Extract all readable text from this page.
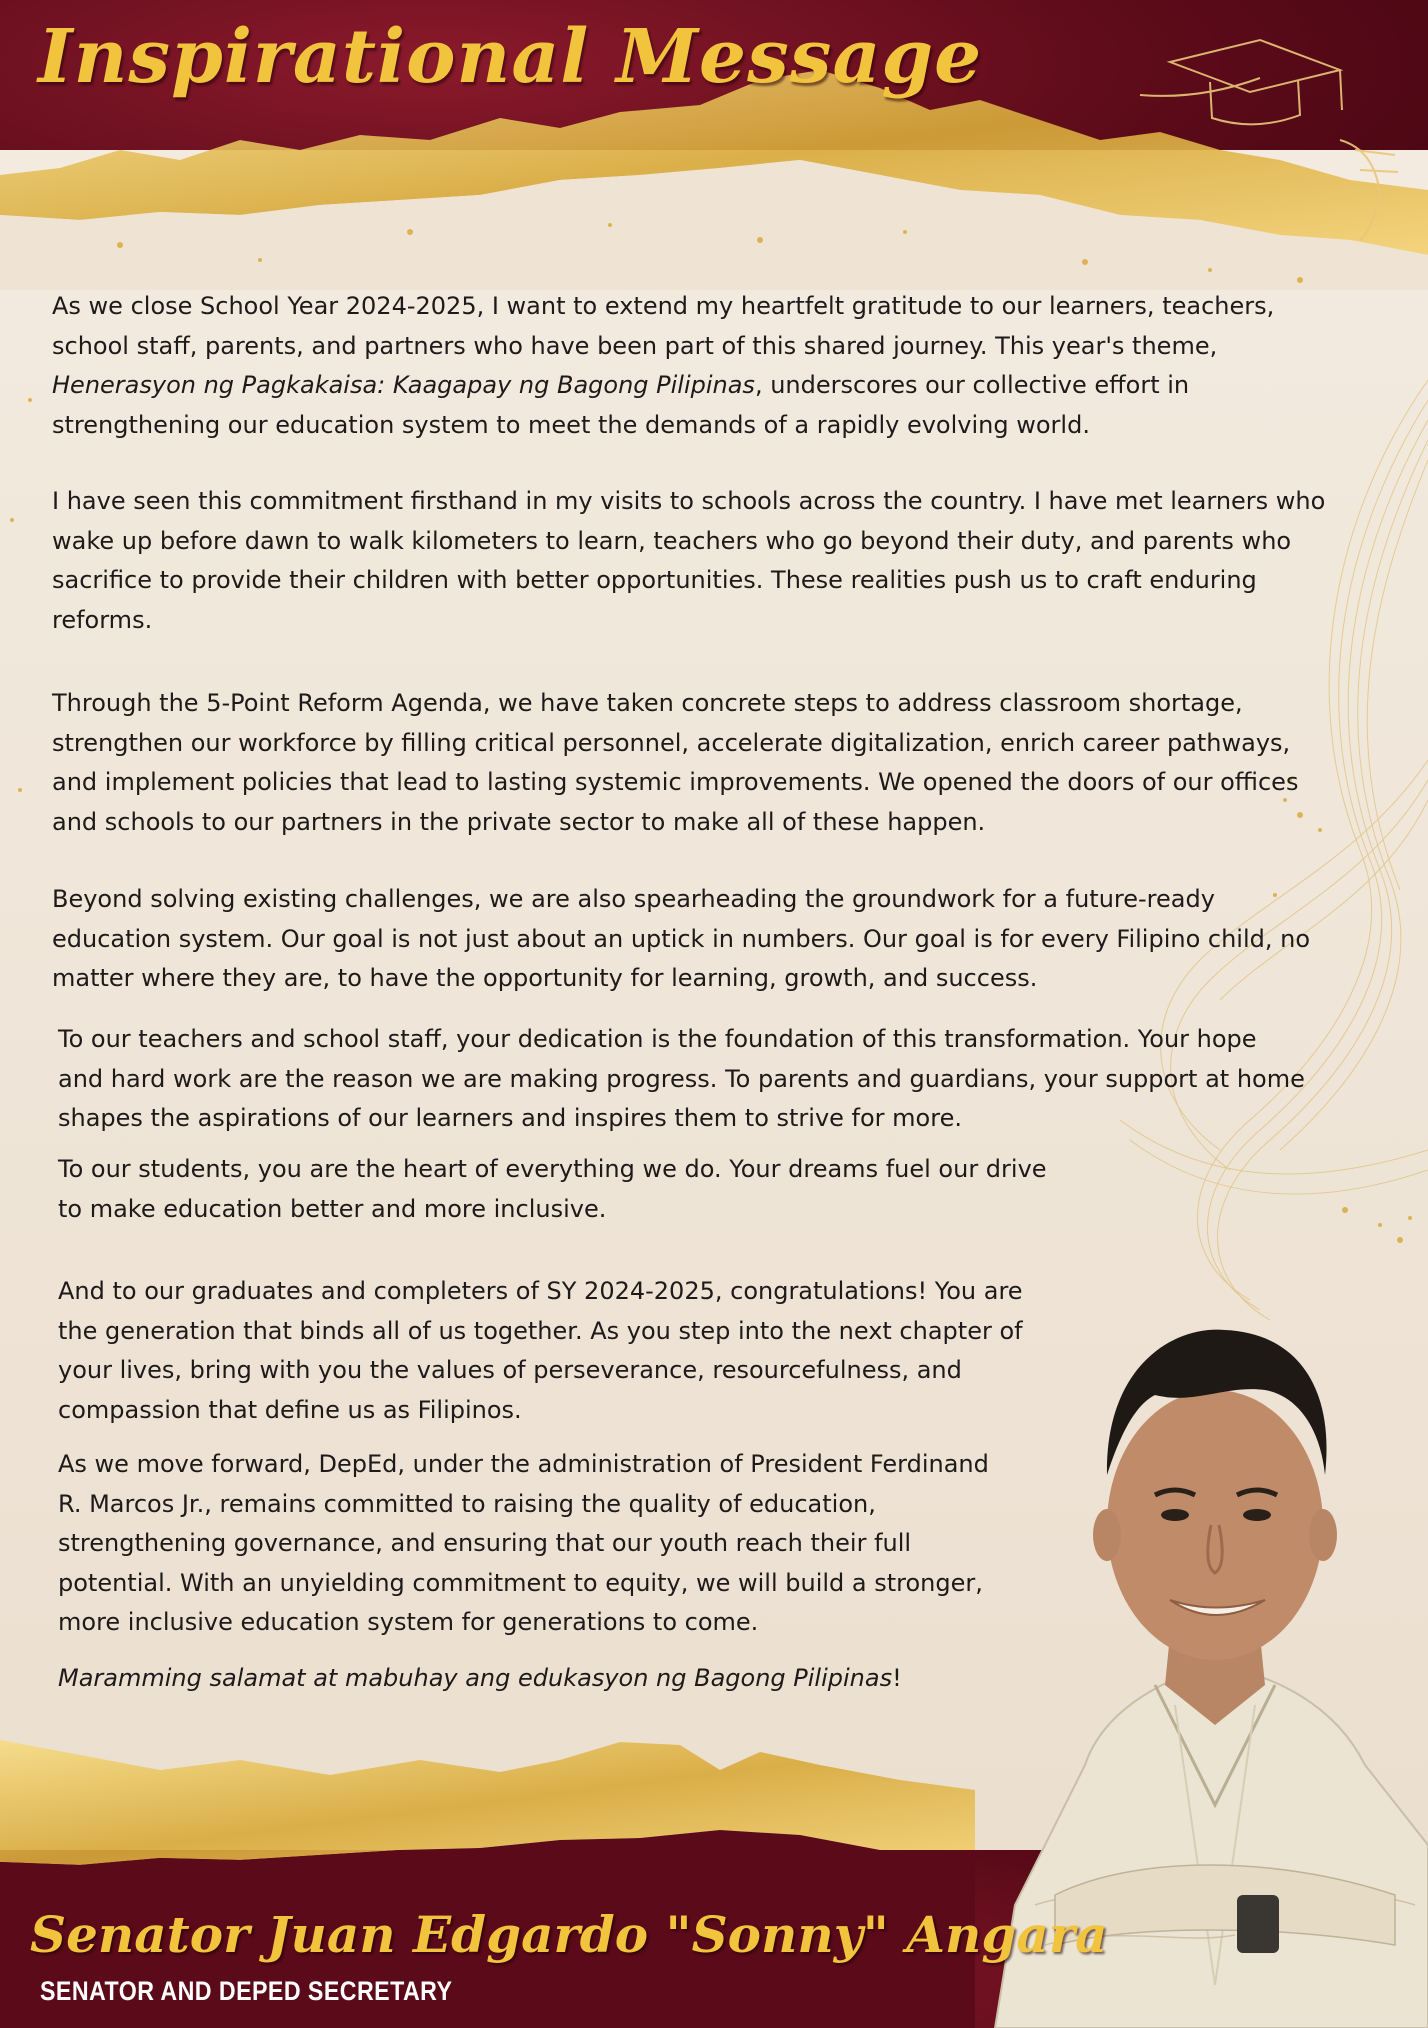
Inspirational Message

As we close School Year 2024-2025, I want to extend my heartfelt gratitude to our learners, teachers, school staff, parents, and partners who have been part of this shared journey. This year's theme, Henerasyon ng Pagkakaisa: Kaagapay ng Bagong Pilipinas, underscores our collective effort in strengthening our education system to meet the demands of a rapidly evolving world.

I have seen this commitment firsthand in my visits to schools across the country. I have met learners who wake up before dawn to walk kilometers to learn, teachers who go beyond their duty, and parents who sacrifice to provide their children with better opportunities. These realities push us to craft enduring reforms.

Through the 5-Point Reform Agenda, we have taken concrete steps to address classroom shortage, strengthen our workforce by filling critical personnel, accelerate digitalization, enrich career pathways, and implement policies that lead to lasting systemic improvements. We opened the doors of our offices and schools to our partners in the private sector to make all of these happen.

Beyond solving existing challenges, we are also spearheading the groundwork for a future-ready education system. Our goal is not just about an uptick in numbers. Our goal is for every Filipino child, no matter where they are, to have the opportunity for learning, growth, and success.

To our teachers and school staff, your dedication is the foundation of this transformation. Your hope and hard work are the reason we are making progress. To parents and guardians, your support at home shapes the aspirations of our learners and inspires them to strive for more.

To our students, you are the heart of everything we do. Your dreams fuel our drive to make education better and more inclusive.

And to our graduates and completers of SY 2024-2025, congratulations! You are the generation that binds all of us together. As you step into the next chapter of your lives, bring with you the values of perseverance, resourcefulness, and compassion that define us as Filipinos.

As we move forward, DepEd, under the administration of President Ferdinand R. Marcos Jr., remains committed to raising the quality of education, strengthening governance, and ensuring that our youth reach their full potential. With an unyielding commitment to equity, we will build a stronger, more inclusive education system for generations to come.

Maramming salamat at mabuhay ang edukasyon ng Bagong Pilipinas!

Senator Juan Edgardo "Sonny" Angara

SENATOR AND DEPED SECRETARY
